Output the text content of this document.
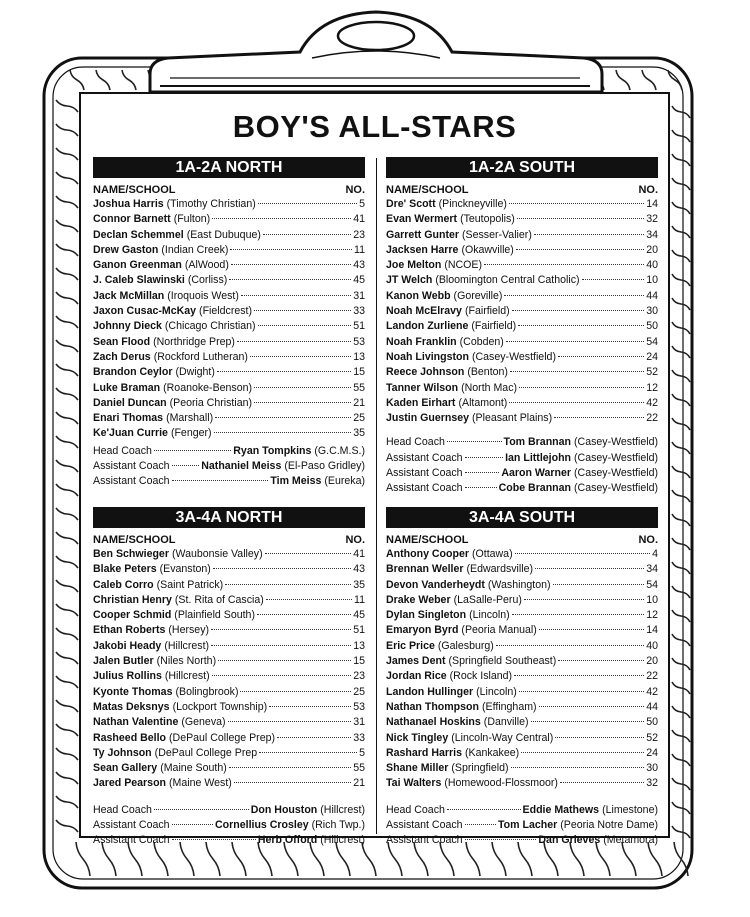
BOY'S ALL-STARS
1A-2A NORTH
NAME/SCHOOL	NO.
Joshua Harris (Timothy Christian)	5
Connor Barnett (Fulton)	41
Declan Schemmel (East Dubuque)	23
Drew Gaston (Indian Creek)	11
Ganon Greenman (AlWood)	43
J. Caleb Slawinski (Corliss)	45
Jack McMillan (Iroquois West)	31
Jaxon Cusac-McKay (Fieldcrest)	33
Johnny Dieck (Chicago Christian)	51
Sean Flood (Northridge Prep)	53
Zach Derus (Rockford Lutheran)	13
Brandon Ceylor (Dwight)	15
Luke Braman (Roanoke-Benson)	55
Daniel Duncan (Peoria Christian)	21
Enari Thomas (Marshall)	25
Ke'Juan Currie (Fenger)	35
Head Coach	Ryan Tompkins (G.C.M.S.)
Assistant Coach	Nathaniel Meiss (El-Paso Gridley)
Assistant Coach	Tim Meiss (Eureka)
1A-2A SOUTH
NAME/SCHOOL	NO.
Dre' Scott (Pinckneyville)	14
Evan Wermert (Teutopolis)	32
Garrett Gunter (Sesser-Valier)	34
Jacksen Harre (Okawville)	20
Joe Melton (NCOE)	40
JT Welch (Bloomington Central Catholic)	10
Kanon Webb (Goreville)	44
Noah McElravy (Fairfield)	30
Landon Zurliene (Fairfield)	50
Noah Franklin (Cobden)	54
Noah Livingston (Casey-Westfield)	24
Reece Johnson (Benton)	52
Tanner Wilson (North Mac)	12
Kaden Eirhart (Altamont)	42
Justin Guernsey (Pleasant Plains)	22
Head Coach	Tom Brannan (Casey-Westfield)
Assistant Coach	Ian Littlejohn (Casey-Westfield)
Assistant Coach	Aaron Warner (Casey-Westfield)
Assistant Coach	Cobe Brannan (Casey-Westfield)
3A-4A NORTH
NAME/SCHOOL	NO.
Ben Schwieger (Waubonsie Valley)	41
Blake Peters (Evanston)	43
Caleb Corro (Saint Patrick)	35
Christian Henry (St. Rita of Cascia)	11
Cooper Schmid (Plainfield South)	45
Ethan Roberts (Hersey)	51
Jakobi Heady (Hillcrest)	13
Jalen Butler (Niles North)	15
Julius Rollins (Hillcrest)	23
Kyonte Thomas (Bolingbrook)	25
Matas Deksnys (Lockport Township)	53
Nathan Valentine (Geneva)	31
Rasheed Bello (DePaul College Prep)	33
Ty Johnson (DePaul College Prep	5
Sean Gallery (Maine South)	55
Jared Pearson (Maine West)	21
Head Coach	Don Houston (Hillcrest)
Assistant Coach	Cornellius Crosley (Rich Twp.)
Assistant Coach	Herb Offord (Hillcrest)
3A-4A SOUTH
NAME/SCHOOL	NO.
Anthony Cooper (Ottawa)	4
Brennan Weller (Edwardsville)	34
Devon Vanderheydt (Washington)	54
Drake Weber (LaSalle-Peru)	10
Dylan Singleton (Lincoln)	12
Emaryon Byrd (Peoria Manual)	14
Eric Price (Galesburg)	40
James Dent (Springfield Southeast)	20
Jordan Rice (Rock Island)	22
Landon Hullinger (Lincoln)	42
Nathan Thompson (Effingham)	44
Nathanael Hoskins (Danville)	50
Nick Tingley (Lincoln-Way Central)	52
Rashard Harris (Kankakee)	24
Shane Miller (Springfield)	30
Tai Walters (Homewood-Flossmoor)	32
Head Coach	Eddie Mathews (Limestone)
Assistant Coach	Tom Lacher (Peoria Notre Dame)
Assistant Coach	Dan Grieves (Metamora)
